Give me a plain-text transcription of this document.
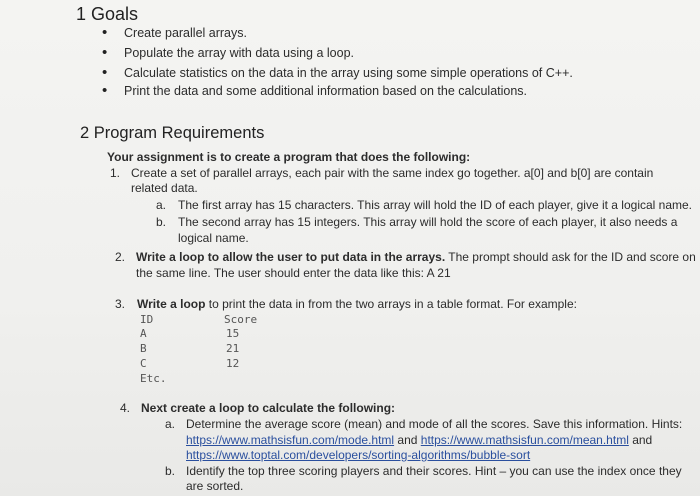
1 Goals
• Create parallel arrays.
• Populate the array with data using a loop.
• Calculate statistics on the data in the array using some simple operations of C++.
• Print the data and some additional information based on the calculations.
2 Program Requirements
Your assignment is to create a program that does the following:
1. Create a set of parallel arrays, each pair with the same index go together. a[0] and b[0] are contain
related data.
a. The first array has 15 characters. This array will hold the ID of each player, give it a logical name.
b. The second array has 15 integers. This array will hold the score of each player, it also needs a
logical name.
2. Write a loop to allow the user to put data in the arrays. The prompt should ask for the ID and score on
the same line. The user should enter the data like this: A 21
3. Write a loop to print the data in from the two arrays in a table format. For example:
ID	Score
A	15
B	21
C	12
Etc.
4. Next create a loop to calculate the following:
a. Determine the average score (mean) and mode of all the scores. Save this information. Hints:
https://www.mathsisfun.com/mode.html and https://www.mathsisfun.com/mean.html and
https://www.toptal.com/developers/sorting-algorithms/bubble-sort
b. Identify the top three scoring players and their scores. Hint – you can use the index once they
are sorted.
